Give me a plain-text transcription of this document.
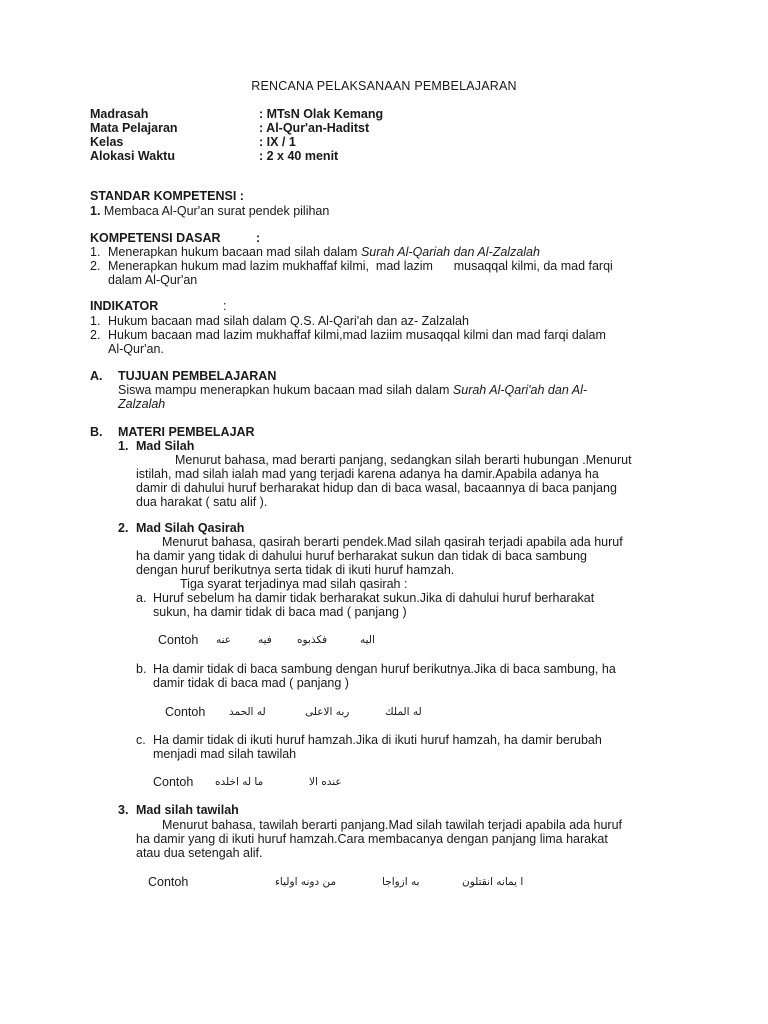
RENCANA PELAKSANAAN PEMBELAJARAN
Madrasah	: MTsN Olak Kemang
Mata Pelajaran	: Al-Qur'an-Haditst
Kelas	: IX / 1
Alokasi Waktu	: 2 x 40 menit
STANDAR KOMPETENSI :
1. Membaca Al-Qur'an surat pendek pilihan
KOMPETENSI DASAR	:
1. Menerapkan hukum bacaan mad silah dalam Surah Al-Qariah dan Al-Zalzalah
2. Menerapkan hukum mad lazim mukhaffaf kilmi,  mad lazim      musaqqal kilmi, da mad farqi
dalam Al-Qur'an
INDIKATOR	:
1. Hukum bacaan mad silah dalam Q.S. Al-Qari'ah dan az- Zalzalah
2. Hukum bacaan mad lazim mukhaffaf kilmi,mad laziim musaqqal kilmi dan mad farqi dalam
Al-Qur'an.
A. TUJUAN PEMBELAJARAN
Siswa mampu menerapkan hukum bacaan mad silah dalam Surah Al-Qari'ah dan Al-
Zalzalah
B. MATERI PEMBELAJAR
1. Mad Silah
Menurut bahasa, mad berarti panjang, sedangkan silah berarti hubungan .Menurut
istilah, mad silah ialah mad yang terjadi karena adanya ha damir.Apabila adanya ha
damir di dahului huruf berharakat hidup dan di baca wasal, bacaannya di baca panjang
dua harakat ( satu alif ).
2. Mad Silah Qasirah
Menurut bahasa, qasirah berarti pendek.Mad silah qasirah terjadi apabila ada huruf
ha damir yang tidak di dahului huruf berharakat sukun dan tidak di baca sambung
dengan huruf berikutnya serta tidak di ikuti huruf hamzah.
Tiga syarat terjadinya mad silah qasirah :
a. Huruf sebelum ha damir tidak berharakat sukun.Jika di dahului huruf berharakat
sukun, ha damir tidak di baca mad ( panjang )
Contoh عنه	فيه فكذبوه	اليه
b. Ha damir tidak di baca sambung dengan huruf berikutnya.Jika di baca sambung, ha
damir tidak di baca mad ( panjang )
Contoh له الحمد	ربه الاعلى	له الملك
c. Ha damir tidak di ikuti huruf hamzah.Jika di ikuti huruf hamzah, ha damir berubah
menjadi mad silah tawilah
Contoh ما له اخلده	عنده الا
3. Mad silah tawilah
Menurut bahasa, tawilah berarti panjang.Mad silah tawilah terjadi apabila ada huruf
ha damir yang di ikuti huruf hamzah.Cara membacanya dengan panjang lima harakat
atau dua setengah alif.
Contoh	من دونه اولياء	به ازواجا	ا يمانه انقتلون
